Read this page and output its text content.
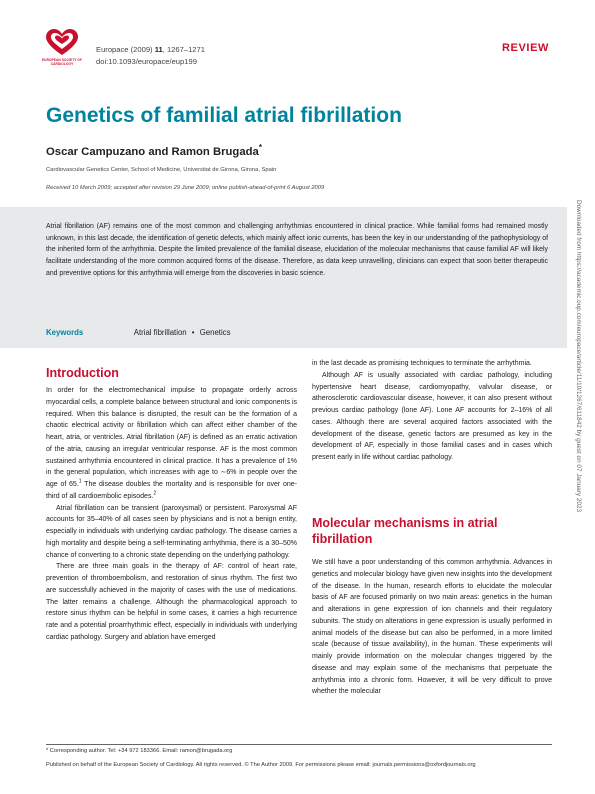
EUROPEAN SOCIETY OF CARDIOLOGY
Europace (2009) 11, 1267–1271
doi:10.1093/europace/eup199
REVIEW
Genetics of familial atrial fibrillation
Oscar Campuzano and Ramon Brugada*
Cardiovascular Genetics Center, School of Medicine, Universitat de Girona, Girona, Spain
Received 10 March 2009; accepted after revision 29 June 2009; online publish-ahead-of-print 6 August 2009
Atrial fibrillation (AF) remains one of the most common and challenging arrhythmias encountered in clinical practice. While familial forms had remained mostly unknown, in this last decade, the identification of genetic defects, which mainly affect ionic currents, has been the key in our understanding of the pathophysiology of the inherited form of the arrhythmia. Despite the limited prevalence of the familial disease, elucidation of the molecular mechanisms that cause familial AF will likely facilitate understanding of the more common acquired forms of the disease. Therefore, as data keep unravelling, clinicians can expect that soon better therapeutic and preventive options for this arrhythmia will emerge from the discoveries in basic science.
Keywords	Atrial fibrillation • Genetics	Downloaded from https://academic.oup.com/europace/article/11/10/1267/611842 by guest on 07 January 2023
Introduction

In order for the electromechanical impulse to propagate orderly across myocardial cells, a complete balance between structural and ionic components is required. When this balance is disrupted, the result can be the formation of a chaotic electrical activity or fibrillation which can affect either chamber of the heart, atria, or ventricles. Atrial fibrillation (AF) is defined as an erratic activation of the atria, causing an irregular ventricular response. AF is the most common sustained arrhythmia encountered in clinical practice. It has a prevalence of 1% in the general population, which increases with age to ∼6% in people over the age of 65.$^1$ The disease doubles the mortality and is responsible for over one-third of all cardioembolic episodes.$^2$

Atrial fibrillation can be transient (paroxysmal) or persistent. Paroxysmal AF accounts for 35–40% of all cases seen by physicians and is not a benign entity, especially in individuals with underlying cardiac pathology. The disease carries a high mortality and despite being a self-terminating arrhythmia, there is a 30–50% chance of converting to a chronic state depending on the underlying pathology.

There are three main goals in the therapy of AF: control of heart rate, prevention of thromboembolism, and restoration of sinus rhythm. The first two are successfully achieved in the majority of cases with the use of medications. The latter remains a challenge. Although the pharmacological approach to restore sinus rhythm can be helpful in some cases, it carries a high recurrence rate and a potential proarrhythmic effect, especially in individuals with underlying cardiac pathology. Surgery and ablation have emerged

in the last decade as promising techniques to terminate the arrhythmia.

Although AF is usually associated with cardiac pathology, including hypertensive heart disease, cardiomyopathy, valvular disease, or atherosclerotic cardiovascular disease, however, it can also present without previous cardiac pathology (lone AF). Lone AF accounts for 2–16% of all cases. Although there are several acquired factors associated with the development of the disease, genetic factors are presumed as key in the development of AF, especially in those familial cases and in cases which present early in life without cardiac pathology.

Molecular mechanisms in atrial fibrillation

We still have a poor understanding of this common arrhythmia. Advances in genetics and molecular biology have given new insights into the development of the disease. In the human, research efforts to elucidate the molecular basis of AF are focused primarily on two main areas: genetics in the human and alterations in gene expression of ion channels and their regulatory subunits. The study on alterations in gene expression is usually performed in animal models of the disease but can also be performed, in a more limited scale (because of tissue availability), in the human. These experiments will mainly provide information on the molecular changes triggered by the disease and may explain some of the mechanisms that perpetuate the arrhythmia into a chronic form. However, it will be very difficult to prove whether the molecular

* Corresponding author. Tel: +34 972 183366. Email: ramon@brugada.org
Published on behalf of the European Society of Cardiology. All rights reserved. © The Author 2009. For permissions please email: journals.permissions@oxfordjournals.org
